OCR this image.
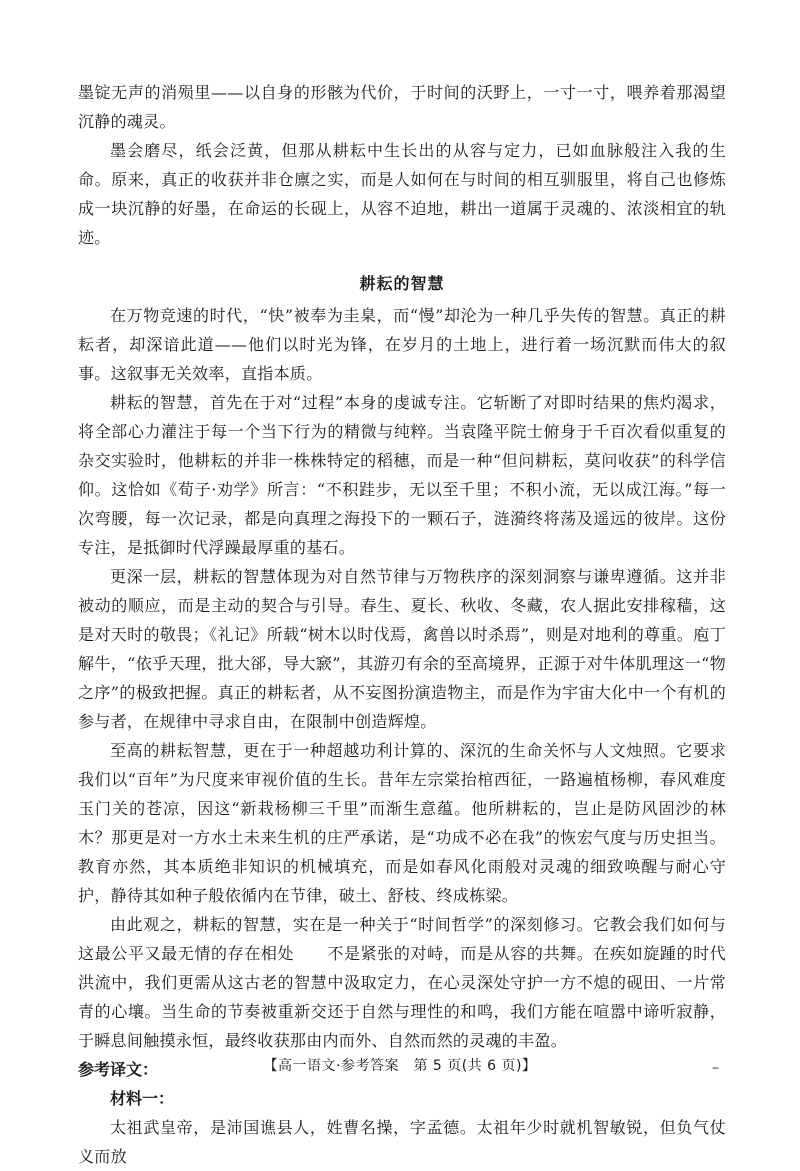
墨锭无声的消殒里——以自身的形骸为代价，于时间的沃野上，一寸一寸，喂养着那渴望沉静的魂灵。

墨会磨尽，纸会泛黄，但那从耕耘中生长出的从容与定力，已如血脉般注入我的生命。原来，真正的收获并非仓廪之实，而是人如何在与时间的相互驯服里，将自己也修炼成一块沉静的好墨，在命运的长砚上，从容不迫地，耕出一道属于灵魂的、浓淡相宜的轨迹。

耕耘的智慧

在万物竞速的时代，“快”被奉为圭臬，而“慢”却沦为一种几乎失传的智慧。真正的耕耘者，却深谙此道——他们以时光为锋，在岁月的土地上，进行着一场沉默而伟大的叙事。这叙事无关效率，直指本质。

耕耘的智慧，首先在于对“过程”本身的虔诚专注。它斩断了对即时结果的焦灼渴求，将全部心力灌注于每一个当下行为的精微与纯粹。当袁隆平院士俯身于千百次看似重复的杂交实验时，他耕耘的并非一株株特定的稻穗，而是一种“但问耕耘，莫问收获”的科学信仰。这恰如《荀子·劝学》所言：“不积跬步，无以至千里；不积小流，无以成江海。”每一次弯腰，每一次记录，都是向真理之海投下的一颗石子，涟漪终将荡及遥远的彼岸。这份专注，是抵御时代浮躁最厚重的基石。

更深一层，耕耘的智慧体现为对自然节律与万物秩序的深刻洞察与谦卑遵循。这并非被动的顺应，而是主动的契合与引导。春生、夏长、秋收、冬藏，农人据此安排稼穑，这是对天时的敬畏；《礼记》所载“树木以时伐焉，禽兽以时杀焉”，则是对地利的尊重。庖丁解牛，“依乎天理，批大郤，导大窾”，其游刃有余的至高境界，正源于对牛体肌理这一“物之序”的极致把握。真正的耕耘者，从不妄图扮演造物主，而是作为宇宙大化中一个有机的参与者，在规律中寻求自由，在限制中创造辉煌。

至高的耕耘智慧，更在于一种超越功利计算的、深沉的生命关怀与人文烛照。它要求我们以“百年”为尺度来审视价值的生长。昔年左宗棠抬棺西征，一路遍植杨柳，春风难度玉门关的苍凉，因这“新栽杨柳三千里”而渐生意蕴。他所耕耘的，岂止是防风固沙的林木？那更是对一方水土未来生机的庄严承诺，是“功成不必在我”的恢宏气度与历史担当。教育亦然，其本质绝非知识的机械填充，而是如春风化雨般对灵魂的细致唤醒与耐心守护，静待其如种子般依循内在节律，破土、舒枝、终成栋梁。

由此观之，耕耘的智慧，实在是一种关于“时间哲学”的深刻修习。它教会我们如何与这最公平又最无情的存在相处　　不是紧张的对峙，而是从容的共舞。在疾如旋踵的时代洪流中，我们更需从这古老的智慧中汲取定力，在心灵深处守护一方不熄的砚田、一片常青的心壤。当生命的节奏被重新交还于自然与理性的和鸣，我们方能在喧嚣中谛听寂静，于瞬息间触摸永恒，最终收获那由内而外、自然而然的灵魂的丰盈。

参考译文：
材料一：

太祖武皇帝，是沛国谯县人，姓曹名操，字孟德。太祖年少时就机智敏锐，但负气仗义而放

【高一语文·参考答案　第 5 页(共 6 页)】	–
